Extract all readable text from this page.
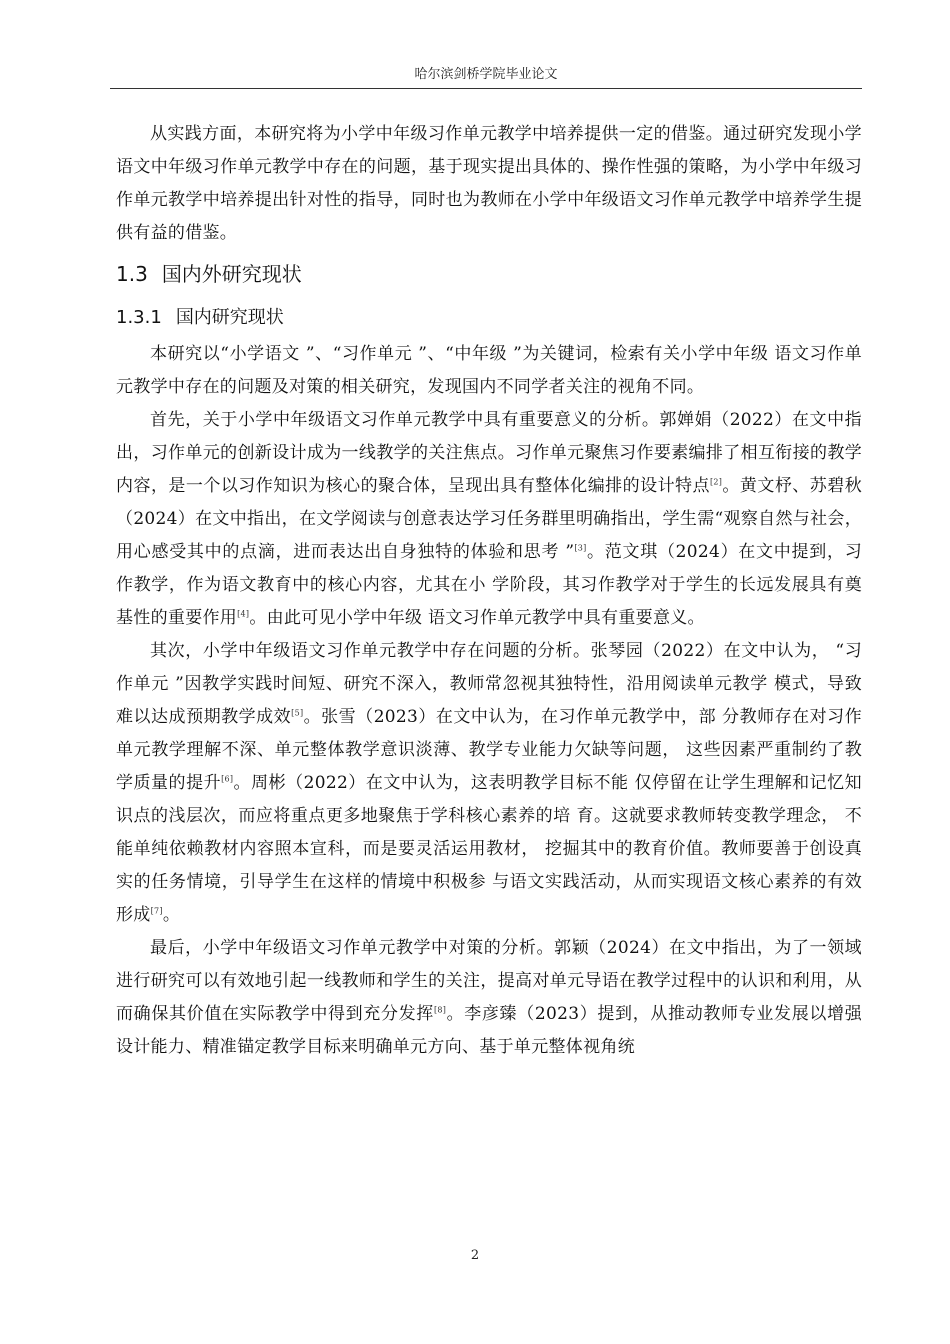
哈尔滨剑桥学院毕业论文

从实践方面，本研究将为小学中年级习作单元教学中培养提供一定的借鉴。通过研究发现小学语文中年级习作单元教学中存在的问题，基于现实提出具体的、操作性强的策略，为小学中年级习作单元教学中培养提出针对性的指导，同时也为教师在小学中年级语文习作单元教学中培养学生提供有益的借鉴。

1.3 国内外研究现状
1.3.1 国内研究现状

本研究以“小学语文 ”、“习作单元 ”、“中年级 ”为关键词，检索有关小学中年级 语文习作单元教学中存在的问题及对策的相关研究，发现国内不同学者关注的视角不同。

首先，关于小学中年级语文习作单元教学中具有重要意义的分析。郭婵娟（2022）在文中指出，习作单元的创新设计成为一线教学的关注焦点。习作单元聚焦习作要素编排了相互衔接的教学内容，是一个以习作知识为核心的聚合体，呈现出具有整体化编排的设计特点[2]。黄文杼、苏碧秋（2024）在文中指出，在文学阅读与创意表达学习任务群里明确指出，学生需“观察自然与社会，用心感受其中的点滴，进而表达出自身独特的体验和思考 ”[3]。范文琪（2024）在文中提到，习作教学，作为语文教育中的核心内容，尤其在小 学阶段，其习作教学对于学生的长远发展具有奠基性的重要作用[4]。由此可见小学中年级 语文习作单元教学中具有重要意义。

其次，小学中年级语文习作单元教学中存在问题的分析。张琴园（2022）在文中认为， “习作单元 ”因教学实践时间短、研究不深入，教师常忽视其独特性，沿用阅读单元教学 模式，导致难以达成预期教学成效[5]。张雪（2023）在文中认为，在习作单元教学中，部 分教师存在对习作单元教学理解不深、单元整体教学意识淡薄、教学专业能力欠缺等问题， 这些因素严重制约了教学质量的提升[6]。周彬（2022）在文中认为，这表明教学目标不能 仅停留在让学生理解和记忆知识点的浅层次，而应将重点更多地聚焦于学科核心素养的培 育。这就要求教师转变教学理念， 不能单纯依赖教材内容照本宣科，而是要灵活运用教材， 挖掘其中的教育价值。教师要善于创设真实的任务情境，引导学生在这样的情境中积极参 与语文实践活动，从而实现语文核心素养的有效形成[7]。

最后，小学中年级语文习作单元教学中对策的分析。郭颖（2024）在文中指出，为了一领域进行研究可以有效地引起一线教师和学生的关注，提高对单元导语在教学过程中的认识和利用，从而确保其价值在实际教学中得到充分发挥[8]。李彦臻（2023）提到，从推动教师专业发展以增强设计能力、精准锚定教学目标来明确单元方向、基于单元整体视角统

2
